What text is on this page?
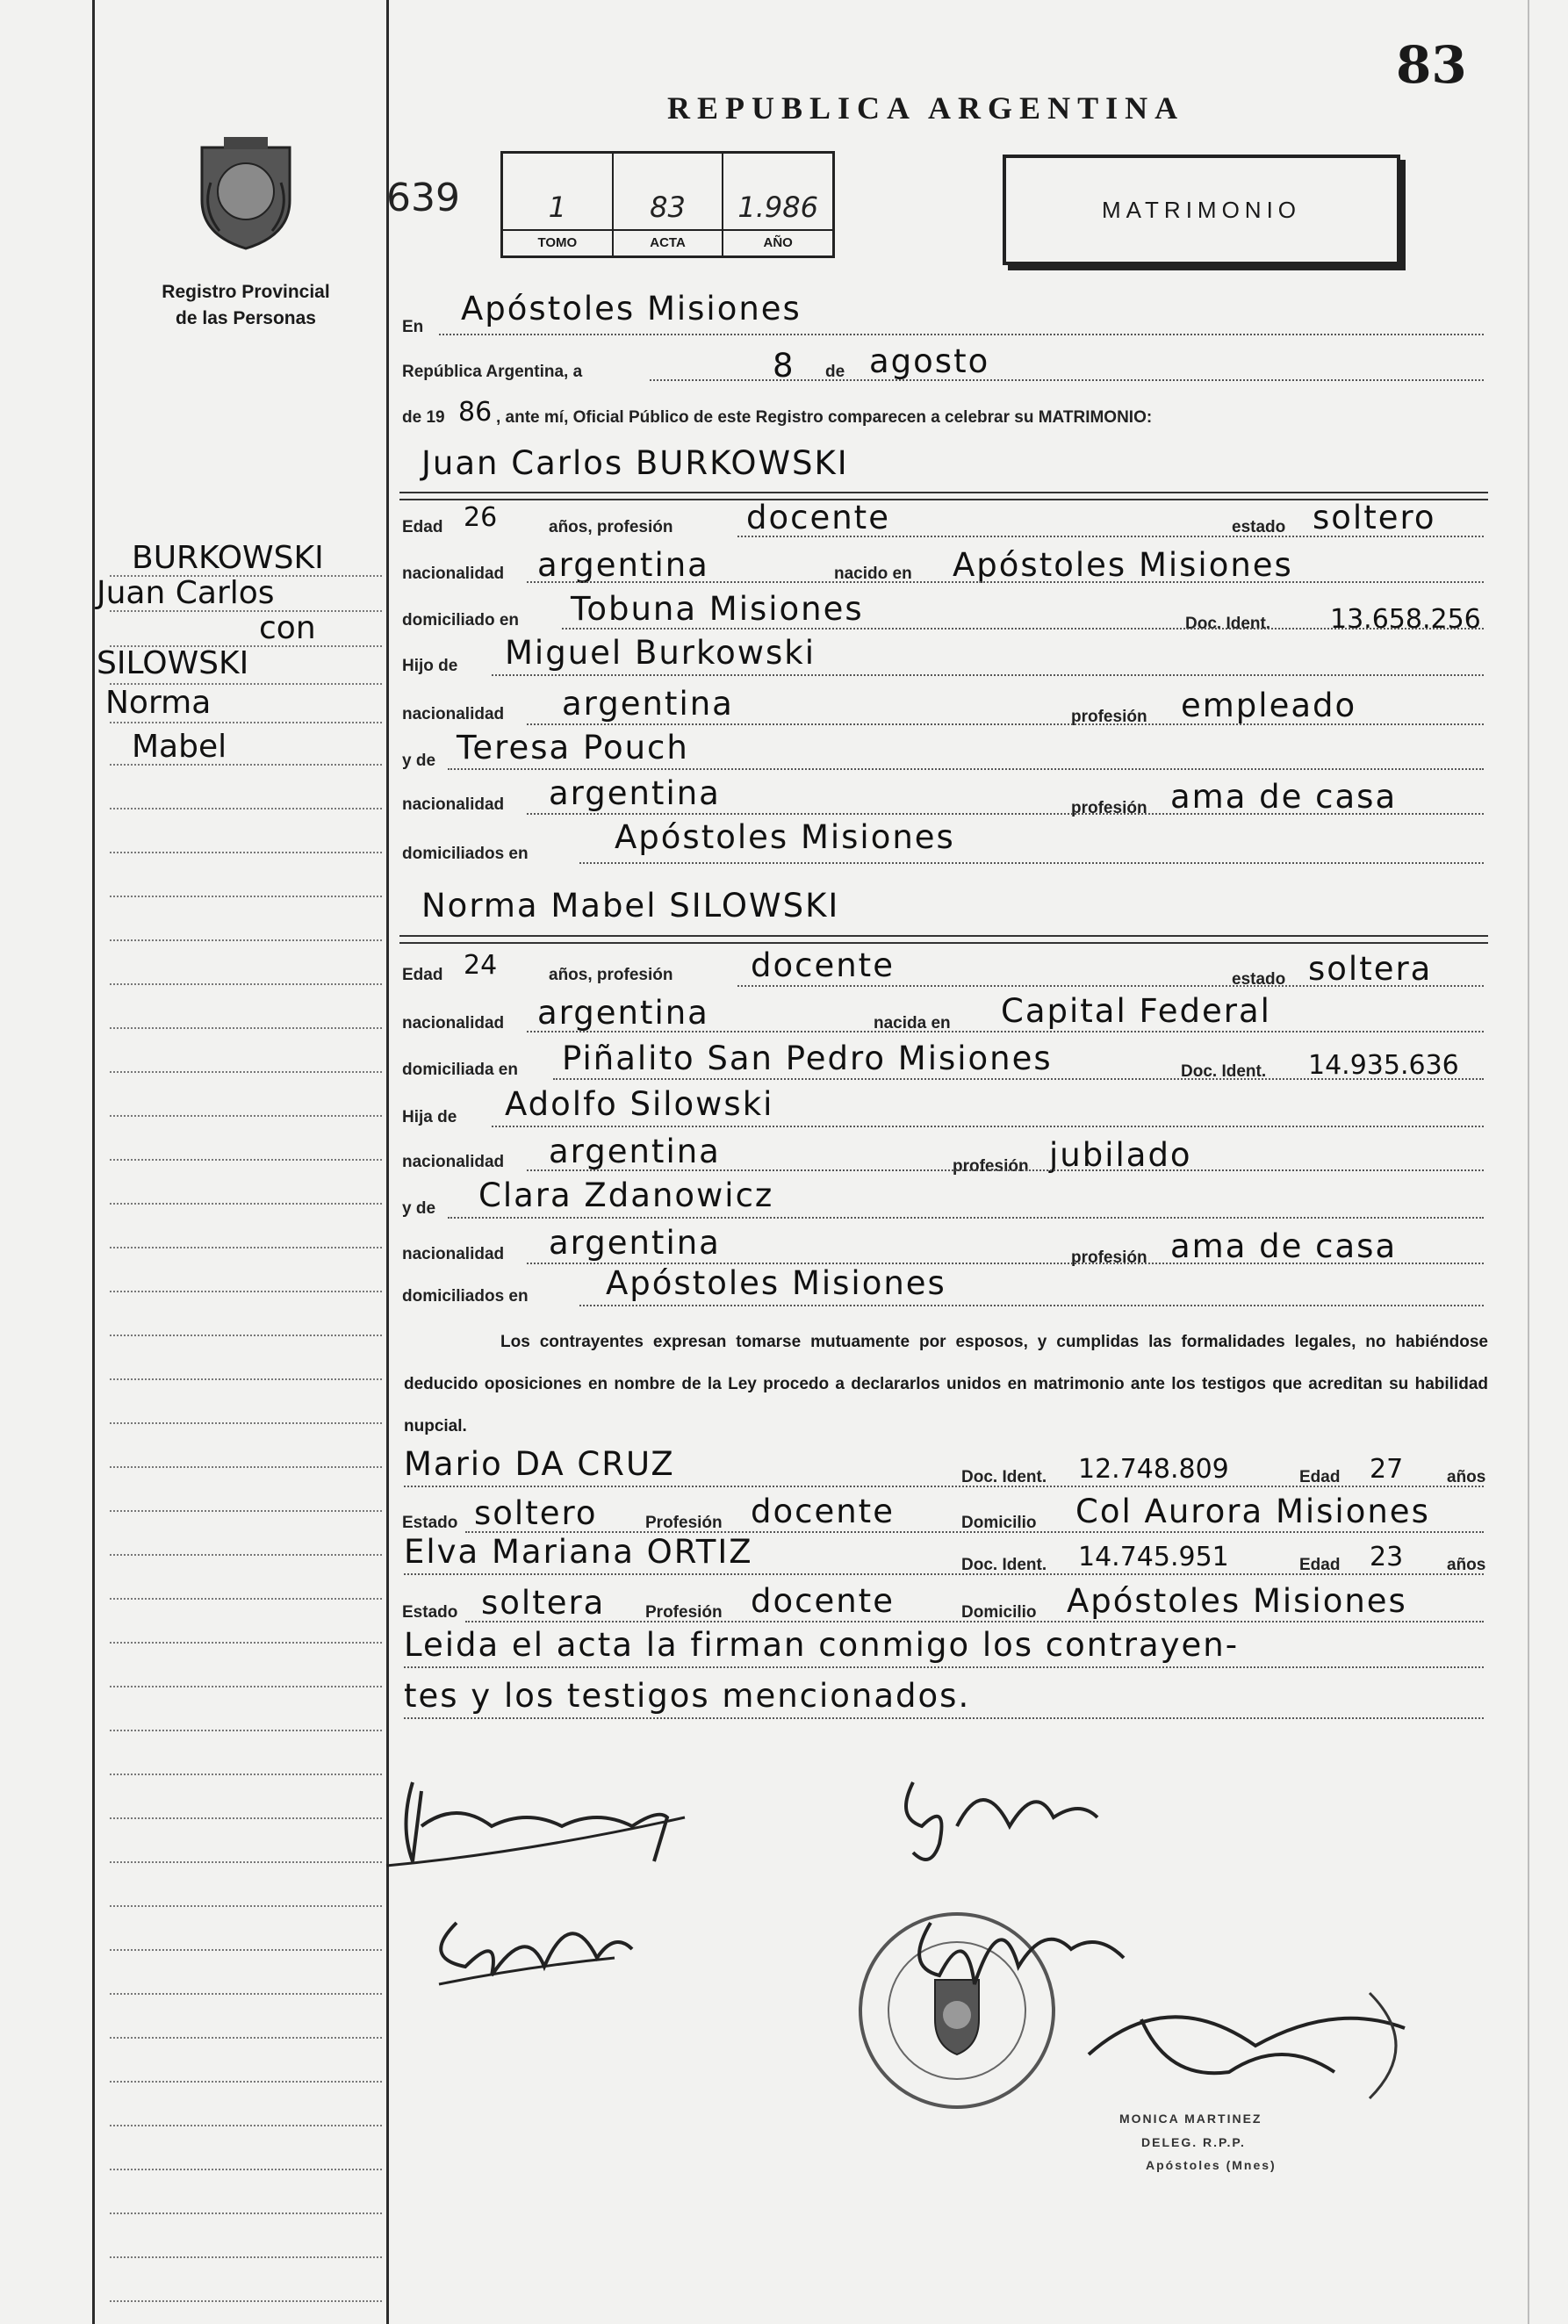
83
REPUBLICA ARGENTINA
Registro Provincial
de las Personas
639	1
TOMO
83
ACTA
1.986
AÑO
MATRIMONIO
BURKOWSKI
Juan Carlos
con
SILOWSKI
Norma
Mabel
En Apóstoles Misiones
República Argentina, a	8 de agosto
de 19 86 , ante mí, Oficial Público de este Registro comparecen a celebrar su MATRIMONIO:
Juan Carlos BURKOWSKI
Edad 26	años, profesión docente	estado soltero
nacionalidad argentina	nacido en Apóstoles Misiones
domiciliado en Tobuna Misiones	Doc. Ident. 13.658.256
Hijo de Miguel Burkowski
nacionalidad argentina	profesión empleado
y de Teresa Pouch
nacionalidad argentina	profesión ama de casa
domiciliados en	Apóstoles Misiones
Norma Mabel SILOWSKI
Edad 24	años, profesión docente	estado soltera
nacionalidad argentina	nacida en Capital Federal
domiciliada en Piñalito San Pedro Misiones	Doc. Ident. 14.935.636
Hija de Adolfo Silowski
nacionalidad argentina	profesión jubilado
y de Clara Zdanowicz
nacionalidad argentina	profesión ama de casa
domiciliados en Apóstoles Misiones
Los contrayentes expresan tomarse mutuamente por esposos, y cumplidas las formalidades legales, no habiéndose deducido oposiciones en nombre de la Ley procedo a declararlos unidos en matrimonio ante los testigos que acreditan su habilidad nupcial.
Mario DA CRUZ	Doc. Ident. 12.748.809	Edad 27	años
Estado soltero	Profesión docente	Domicilio Col Aurora Misiones
Elva Mariana ORTIZ	Doc. Ident. 14.745.951	Edad 23	años
Estado soltera Profesión docente	Domicilio Apóstoles Misiones
Leida el acta la firman conmigo los contrayen-
tes y los testigos mencionados.
MONICA MARTINEZ
DELEG. R.P.P.
Apóstoles (Mnes)
